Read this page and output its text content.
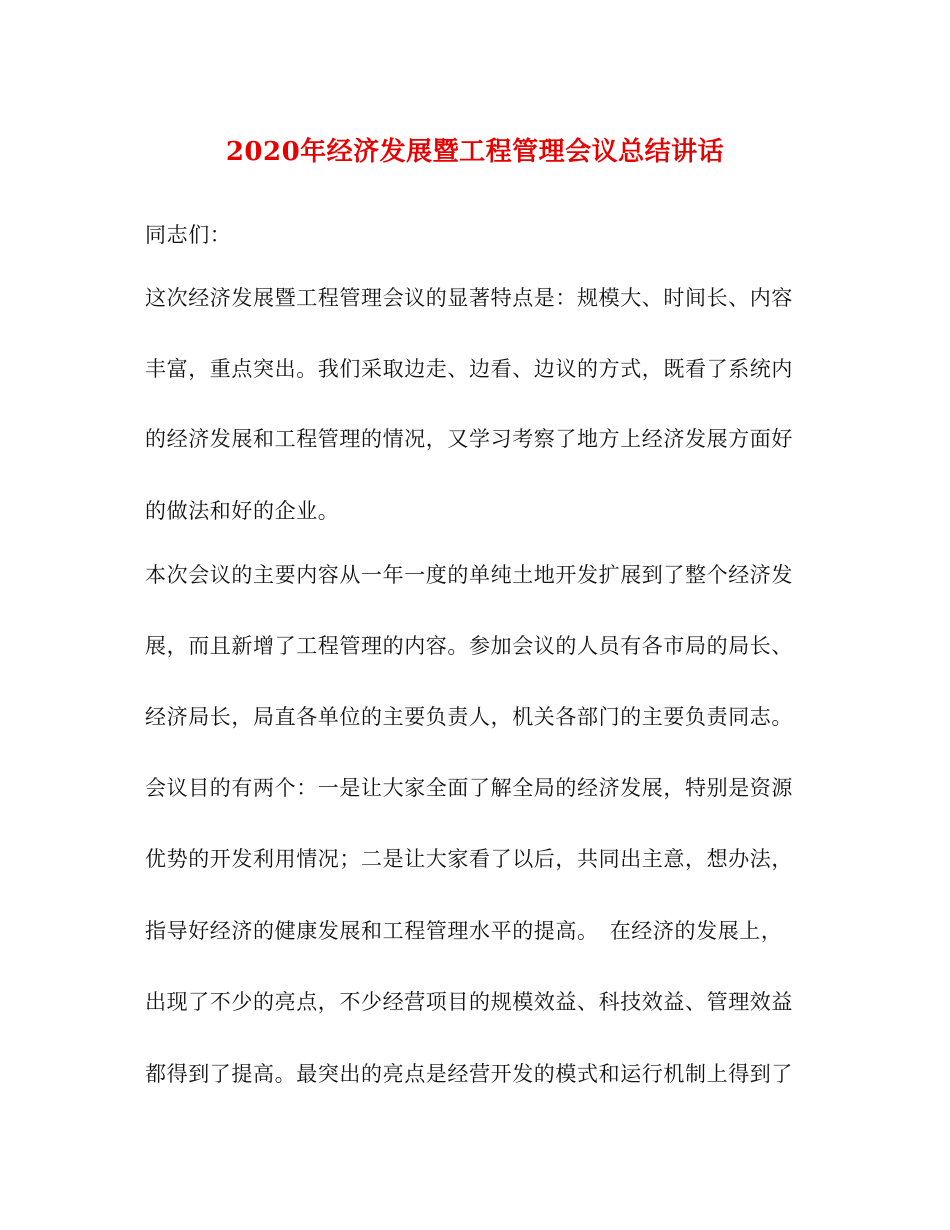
2020年经济发展暨工程管理会议总结讲话
同志们：
这次经济发展暨工程管理会议的显著特点是：规模大、时间长、内容
丰富，重点突出。我们采取边走、边看、边议的方式，既看了系统内
的经济发展和工程管理的情况，又学习考察了地方上经济发展方面好
的做法和好的企业。
本次会议的主要内容从一年一度的单纯土地开发扩展到了整个经济发
展，而且新增了工程管理的内容。参加会议的人员有各市局的局长、
经济局长，局直各单位的主要负责人，机关各部门的主要负责同志。
会议目的有两个：一是让大家全面了解全局的经济发展，特别是资源
优势的开发利用情况；二是让大家看了以后，共同出主意，想办法，
指导好经济的健康发展和工程管理水平的提高。　在经济的发展上，
出现了不少的亮点，不少经营项目的规模效益、科技效益、管理效益
都得到了提高。最突出的亮点是经营开发的模式和运行机制上得到了
